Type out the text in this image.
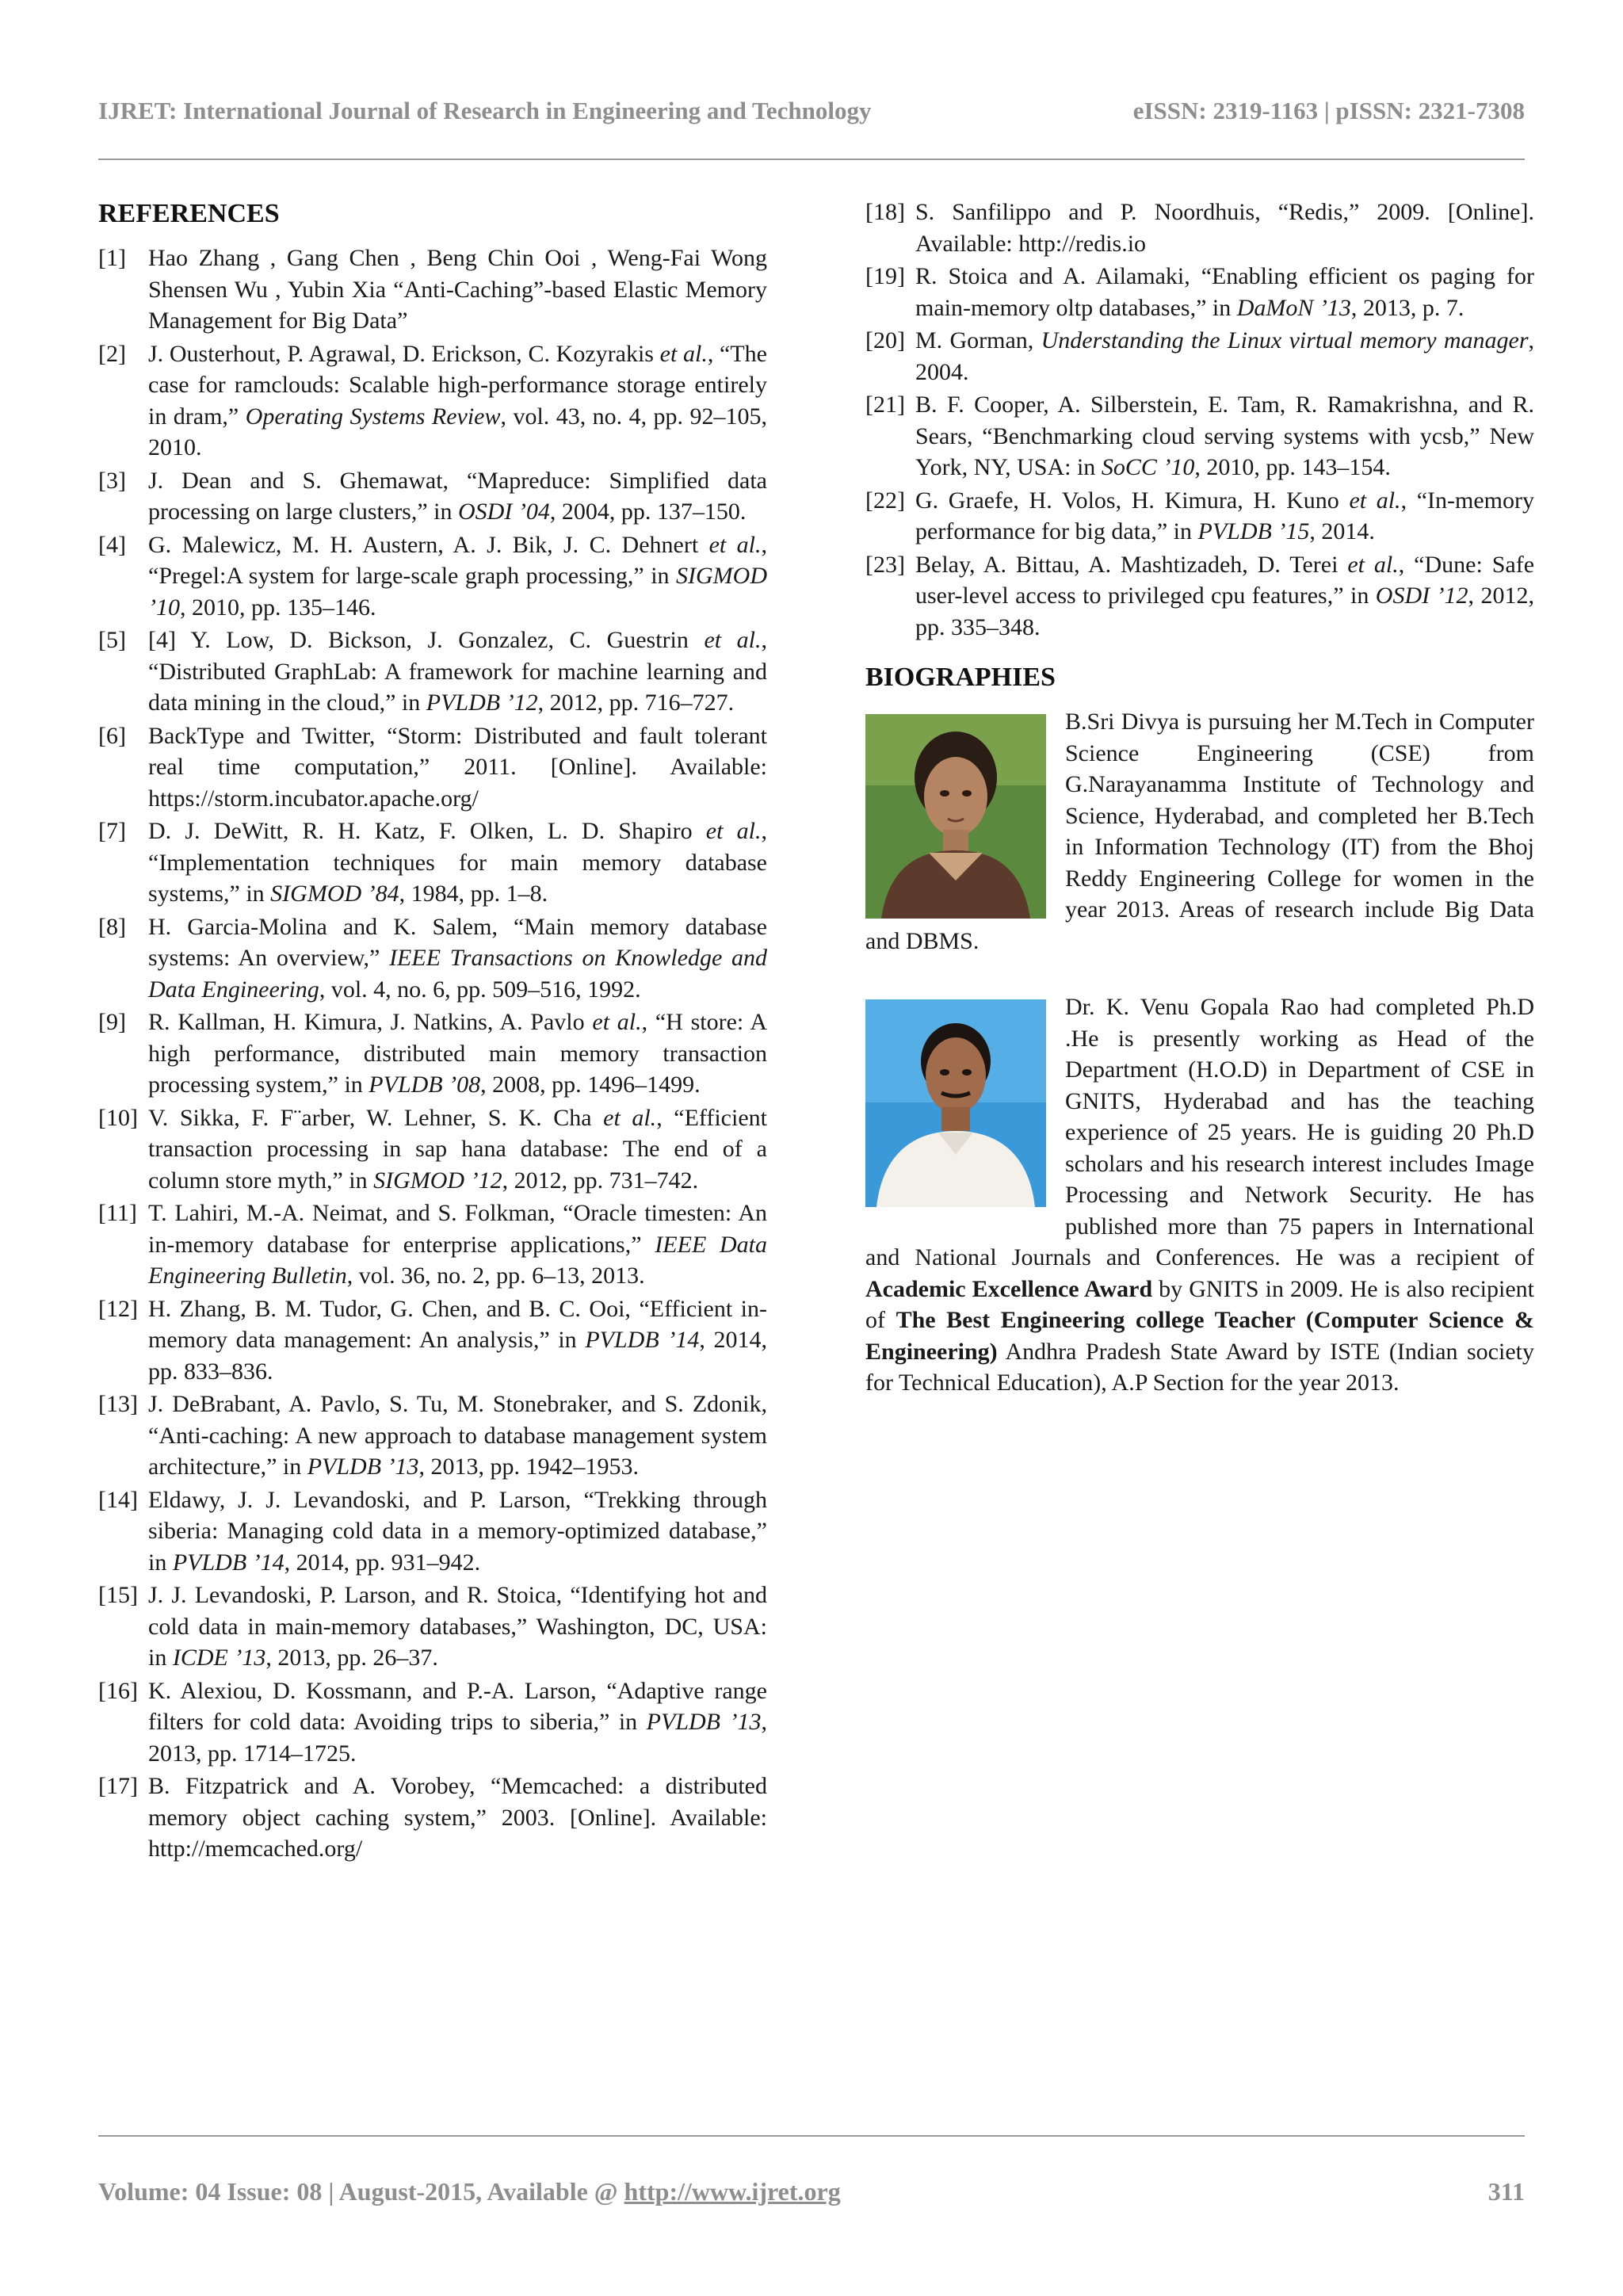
IJRET: International Journal of Research in Engineering and Technology	eISSN: 2319-1163 | pISSN: 2321-7308
REFERENCES
[1] Hao Zhang , Gang Chen , Beng Chin Ooi , Weng-Fai Wong Shensen Wu , Yubin Xia “Anti-Caching”-based Elastic Memory Management for Big Data”
[2] J. Ousterhout, P. Agrawal, D. Erickson, C. Kozyrakis et al., “The case for ramclouds: Scalable high-performance storage entirely in dram,” Operating Systems Review, vol. 43, no. 4, pp. 92–105, 2010.
[3] J. Dean and S. Ghemawat, “Mapreduce: Simplified data processing on large clusters,” in OSDI ’04, 2004, pp. 137–150.
[4] G. Malewicz, M. H. Austern, A. J. Bik, J. C. Dehnert et al., “Pregel:A system for large-scale graph processing,” in SIGMOD ’10, 2010, pp. 135–146.
[5] [4] Y. Low, D. Bickson, J. Gonzalez, C. Guestrin et al., “Distributed GraphLab: A framework for machine learning and data mining in the cloud,” in PVLDB ’12, 2012, pp. 716–727.
[6] BackType and Twitter, “Storm: Distributed and fault tolerant real time computation,” 2011. [Online]. Available: https://storm.incubator.apache.org/
[7] D. J. DeWitt, R. H. Katz, F. Olken, L. D. Shapiro et al., “Implementation techniques for main memory database systems,” in SIGMOD ’84, 1984, pp. 1–8.
[8] H. Garcia-Molina and K. Salem, “Main memory database systems: An overview,” IEEE Transactions on Knowledge and Data Engineering, vol. 4, no. 6, pp. 509–516, 1992.
[9] R. Kallman, H. Kimura, J. Natkins, A. Pavlo et al., “H store: A high performance, distributed main memory transaction processing system,” in PVLDB ’08, 2008, pp. 1496–1499.
[10] V. Sikka, F. F¨arber, W. Lehner, S. K. Cha et al., “Efficient transaction processing in sap hana database: The end of a column store myth,” in SIGMOD ’12, 2012, pp. 731–742.
[11] T. Lahiri, M.-A. Neimat, and S. Folkman, “Oracle timesten: An in-memory database for enterprise applications,” IEEE Data Engineering Bulletin, vol. 36, no. 2, pp. 6–13, 2013.
[12] H. Zhang, B. M. Tudor, G. Chen, and B. C. Ooi, “Efficient in-memory data management: An analysis,” in PVLDB ’14, 2014, pp. 833–836.
[13] J. DeBrabant, A. Pavlo, S. Tu, M. Stonebraker, and S. Zdonik, “Anti-caching: A new approach to database management system architecture,” in PVLDB ’13, 2013, pp. 1942–1953.
[14] Eldawy, J. J. Levandoski, and P. Larson, “Trekking through siberia: Managing cold data in a memory-optimized database,” in PVLDB ’14, 2014, pp. 931–942.
[15] J. J. Levandoski, P. Larson, and R. Stoica, “Identifying hot and cold data in main-memory databases,” Washington, DC, USA: in ICDE ’13, 2013, pp. 26–37.
[16] K. Alexiou, D. Kossmann, and P.-A. Larson, “Adaptive range filters for cold data: Avoiding trips to siberia,” in PVLDB ’13, 2013, pp. 1714–1725.
[17] B. Fitzpatrick and A. Vorobey, “Memcached: a distributed memory object caching system,” 2003. [Online]. Available: http://memcached.org/
[18] S. Sanfilippo and P. Noordhuis, “Redis,” 2009. [Online]. Available: http://redis.io
[19] R. Stoica and A. Ailamaki, “Enabling efficient os paging for main-memory oltp databases,” in DaMoN ’13, 2013, p. 7.
[20] M. Gorman, Understanding the Linux virtual memory manager, 2004.
[21] B. F. Cooper, A. Silberstein, E. Tam, R. Ramakrishna, and R. Sears, “Benchmarking cloud serving systems with ycsb,” New York, NY, USA: in SoCC ’10, 2010, pp. 143–154.
[22] G. Graefe, H. Volos, H. Kimura, H. Kuno et al., “In-memory performance for big data,” in PVLDB ’15, 2014.
[23] Belay, A. Bittau, A. Mashtizadeh, D. Terei et al., “Dune: Safe user-level access to privileged cpu features,” in OSDI ’12, 2012, pp. 335–348.
BIOGRAPHIES
B.Sri Divya is pursuing her M.Tech in Computer Science Engineering (CSE) from G.Narayanamma Institute of Technology and Science, Hyderabad, and completed her B.Tech in Information Technology (IT) from the Bhoj Reddy Engineering College for women in the year 2013. Areas of research include Big Data and DBMS.
Dr. K. Venu Gopala Rao had completed Ph.D .He is presently working as Head of the Department (H.O.D) in Department of CSE in GNITS, Hyderabad and has the teaching experience of 25 years. He is guiding 20 Ph.D scholars and his research interest includes Image Processing and Network Security. He has published more than 75 papers in International and National Journals and Conferences. He was a recipient of Academic Excellence Award by GNITS in 2009. He is also recipient of The Best Engineering college Teacher (Computer Science & Engineering) Andhra Pradesh State Award by ISTE (Indian society for Technical Education), A.P Section for the year 2013.
Volume: 04 Issue: 08 | August-2015, Available @ http://www.ijret.org	311
